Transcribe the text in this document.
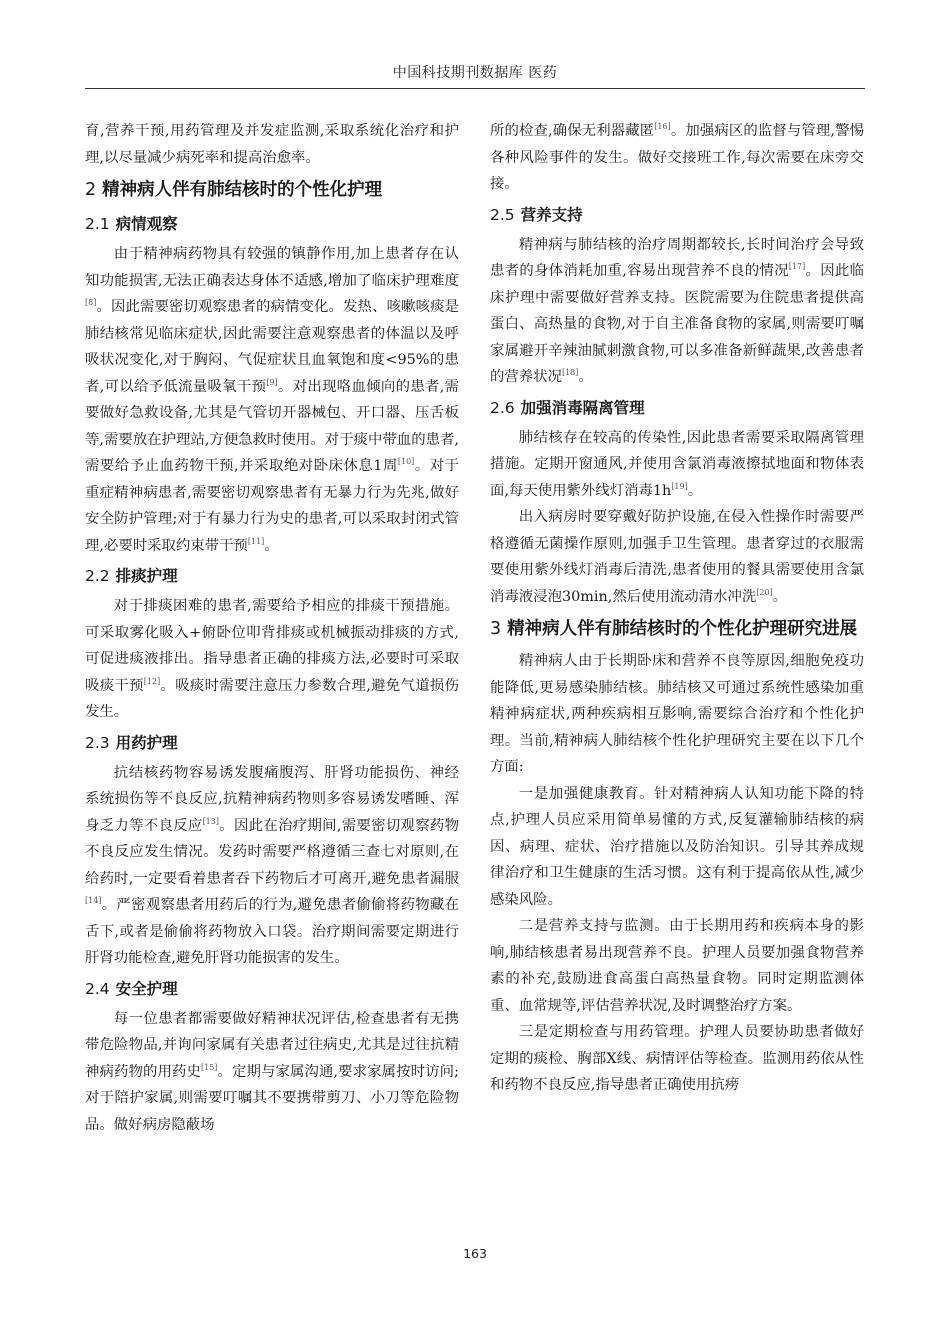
中国科技期刊数据库 医药

育,营养干预,用药管理及并发症监测,采取系统化治疗和护理,以尽量减少病死率和提高治愈率。

2 精神病人伴有肺结核时的个性化护理
2.1 病情观察

由于精神病药物具有较强的镇静作用,加上患者存在认知功能损害,无法正确表达身体不适感,增加了临床护理难度[8]。因此需要密切观察患者的病情变化。发热、咳嗽咳痰是肺结核常见临床症状,因此需要注意观察患者的体温以及呼吸状况变化,对于胸闷、气促症状且血氧饱和度<95%的患者,可以给予低流量吸氧干预[9]。对出现咯血倾向的患者,需要做好急救设备,尤其是气管切开器械包、开口器、压舌板等,需要放在护理站,方便急救时使用。对于痰中带血的患者,需要给予止血药物干预,并采取绝对卧床休息1周[10]。对于重症精神病患者,需要密切观察患者有无暴力行为先兆,做好安全防护管理;对于有暴力行为史的患者,可以采取封闭式管理,必要时采取约束带干预[11]。

2.2 排痰护理

对于排痰困难的患者,需要给予相应的排痰干预措施。可采取雾化吸入+俯卧位叩背排痰或机械振动排痰的方式,可促进痰液排出。指导患者正确的排痰方法,必要时可采取吸痰干预[12]。吸痰时需要注意压力参数合理,避免气道损伤发生。

2.3 用药护理

抗结核药物容易诱发腹痛腹泻、肝肾功能损伤、神经系统损伤等不良反应,抗精神病药物则多容易诱发嗜睡、浑身乏力等不良反应[13]。因此在治疗期间,需要密切观察药物不良反应发生情况。发药时需要严格遵循三查七对原则,在给药时,一定要看着患者吞下药物后才可离开,避免患者漏服[14]。严密观察患者用药后的行为,避免患者偷偷将药物藏在舌下,或者是偷偷将药物放入口袋。治疗期间需要定期进行肝肾功能检查,避免肝肾功能损害的发生。

2.4 安全护理

每一位患者都需要做好精神状况评估,检查患者有无携带危险物品,并询问家属有关患者过往病史,尤其是过往抗精神病药物的用药史[15]。定期与家属沟通,要求家属按时访问;对于陪护家属,则需要叮嘱其不要携带剪刀、小刀等危险物品。做好病房隐蔽场

所的检查,确保无利器藏匿[16]。加强病区的监督与管理,警惕各种风险事件的发生。做好交接班工作,每次需要在床旁交接。

2.5 营养支持

精神病与肺结核的治疗周期都较长,长时间治疗会导致患者的身体消耗加重,容易出现营养不良的情况[17]。因此临床护理中需要做好营养支持。医院需要为住院患者提供高蛋白、高热量的食物,对于自主准备食物的家属,则需要叮嘱家属避开辛辣油腻刺激食物,可以多准备新鲜蔬果,改善患者的营养状况[18]。

2.6 加强消毒隔离管理

肺结核存在较高的传染性,因此患者需要采取隔离管理措施。定期开窗通风,并使用含氯消毒液擦拭地面和物体表面,每天使用紫外线灯消毒1h[19]。

出入病房时要穿戴好防护设施,在侵入性操作时需要严格遵循无菌操作原则,加强手卫生管理。患者穿过的衣服需要使用紫外线灯消毒后清洗,患者使用的餐具需要使用含氯消毒液浸泡30min,然后使用流动清水冲洗[20]。

3 精神病人伴有肺结核时的个性化护理研究进展

精神病人由于长期卧床和营养不良等原因,细胞免疫功能降低,更易感染肺结核。肺结核又可通过系统性感染加重精神病症状,两种疾病相互影响,需要综合治疗和个性化护理。当前,精神病人肺结核个性化护理研究主要在以下几个方面:

一是加强健康教育。针对精神病人认知功能下降的特点,护理人员应采用简单易懂的方式,反复灌输肺结核的病因、病理、症状、治疗措施以及防治知识。引导其养成规律治疗和卫生健康的生活习惯。这有利于提高依从性,减少感染风险。

二是营养支持与监测。由于长期用药和疾病本身的影响,肺结核患者易出现营养不良。护理人员要加强食物营养素的补充,鼓励进食高蛋白高热量食物。同时定期监测体重、血常规等,评估营养状况,及时调整治疗方案。

三是定期检查与用药管理。护理人员要协助患者做好定期的痰检、胸部X线、病情评估等检查。监测用药依从性和药物不良反应,指导患者正确使用抗痨

163
